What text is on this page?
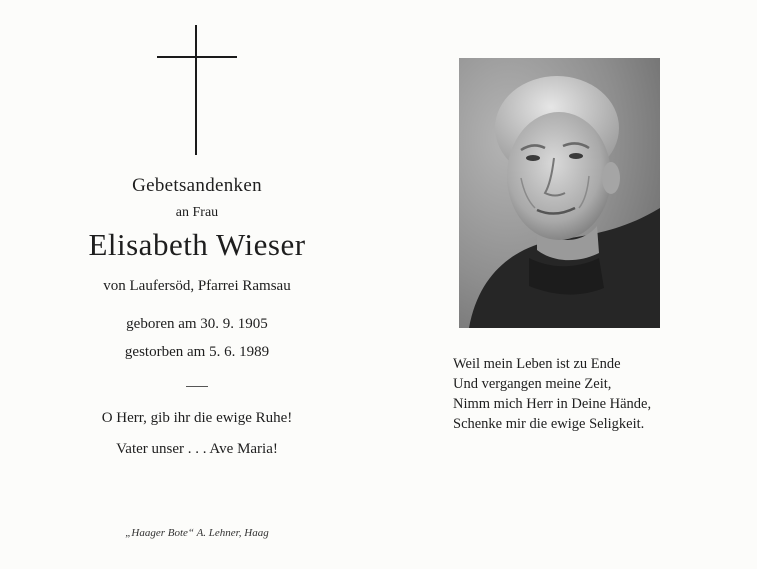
Gebetsandenken
an Frau
Elisabeth Wieser
von Laufersöd, Pfarrei Ramsau
geboren am 30. 9. 1905
gestorben am 5. 6. 1989
O Herr, gib ihr die ewige Ruhe!
Vater unser . . . Ave Maria!
„Haager Bote“ A. Lehner, Haag
Weil mein Leben ist zu Ende
Und vergangen meine Zeit,
Nimm mich Herr in Deine Hände,
Schenke mir die ewige Seligkeit.
